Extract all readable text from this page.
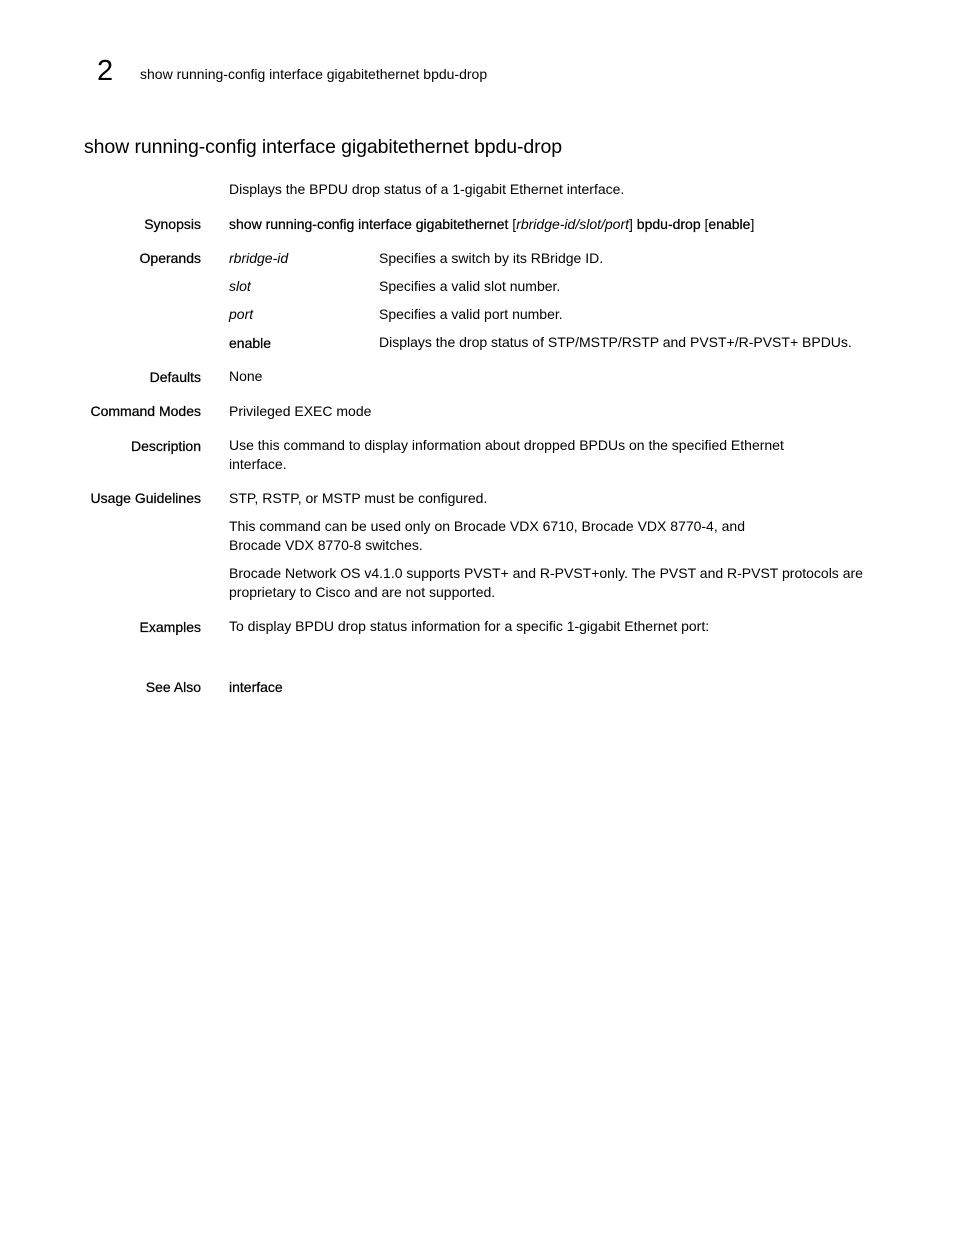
2 show running-config interface gigabitethernet bpdu-drop
show running-config interface gigabitethernet bpdu-drop
Displays the BPDU drop status of a 1-gigabit Ethernet interface.
Synopsis show running-config interface gigabitethernet [rbridge-id/slot/port] bpdu-drop [enable]
Operands rbridge-id	Specifies a switch by its RBridge ID.
slot	Specifies a valid slot number.
port	Specifies a valid port number.
enable	Displays the drop status of STP/MSTP/RSTP and PVST+/R-PVST+ BPDUs.
Defaults None
Command Modes Privileged EXEC mode
Description Use this command to display information about dropped BPDUs on the specified Ethernet interface.
Usage Guidelines STP, RSTP, or MSTP must be configured.
This command can be used only on Brocade VDX 6710, Brocade VDX 8770-4, and
Brocade VDX 8770-8 switches.
Brocade Network OS v4.1.0 supports PVST+ and R-PVST+only. The PVST and R-PVST protocols are proprietary to Cisco and are not supported.
Examples To display BPDU drop status information for a specific 1-gigabit Ethernet port:
See Also interface
